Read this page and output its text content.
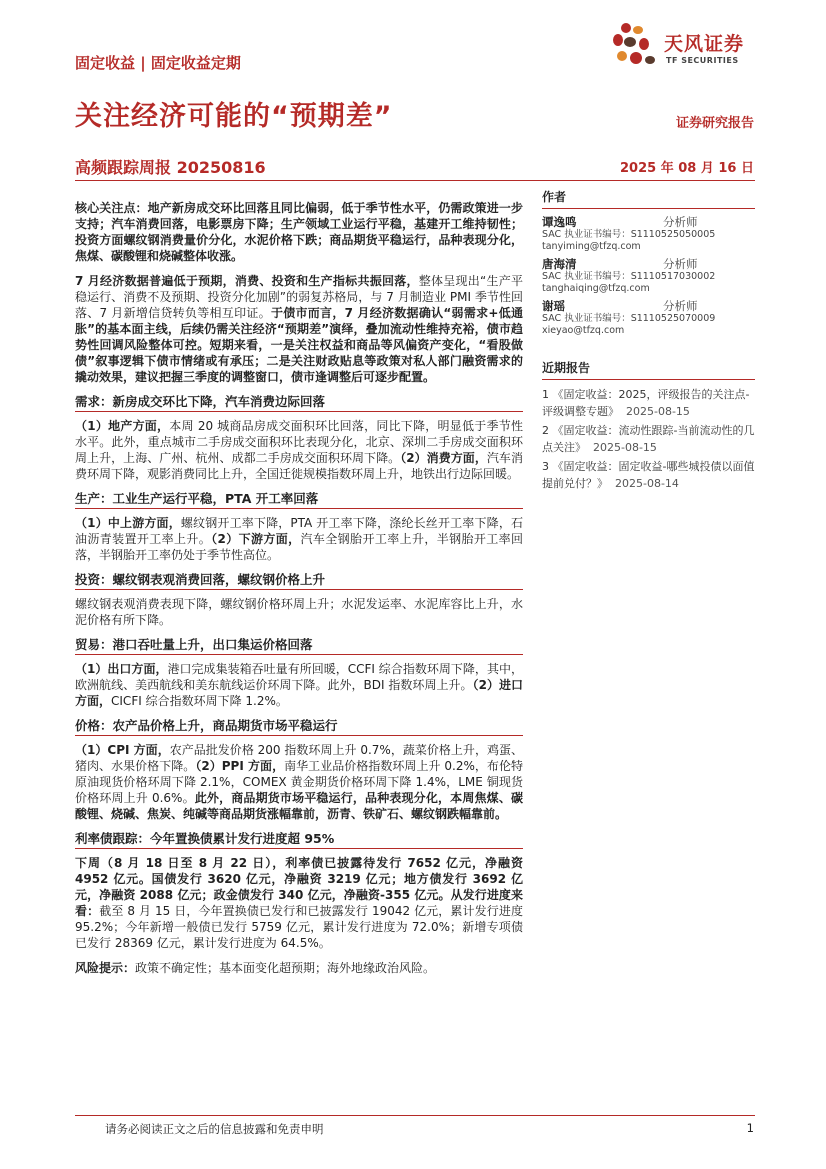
固定收益 | 固定收益定期
天风证券
TF SECURITIES
关注经济可能的“预期差”	证券研究报告
高频跟踪周报 20250816	2025 年 08 月 16 日

核心关注点：地产新房成交环比回落且同比偏弱，低于季节性水平，仍需政策进一步支持；汽车消费回落，电影票房下降；生产领域工业运行平稳，基建开工维持韧性；投资方面螺纹钢消费量价分化，水泥价格下跌；商品期货平稳运行，品种表现分化，焦煤、碳酸锂和烧碱整体收涨。

7 月经济数据普遍低于预期，消费、投资和生产指标共振回落，整体呈现出“生产平稳运行、消费不及预期、投资分化加剧”的弱复苏格局，与 7 月制造业 PMI 季节性回落、7 月新增信贷转负等相互印证。于债市而言，7 月经济数据确认“弱需求+低通胀”的基本面主线，后续仍需关注经济“预期差”演绎，叠加流动性维持充裕，债市趋势性回调风险整体可控。短期来看，一是关注权益和商品等风偏资产变化，“看股做债”叙事逻辑下债市情绪或有承压；二是关注财政贴息等政策对私人部门融资需求的撬动效果，建议把握三季度的调整窗口，债市逢调整后可逐步配置。

需求：新房成交环比下降，汽车消费边际回落

（1）地产方面，本周 20 城商品房成交面积环比回落，同比下降，明显低于季节性水平。此外，重点城市二手房成交面积环比表现分化，北京、深圳二手房成交面积环周上升，上海、广州、杭州、成都二手房成交面积环周下降。（2）消费方面，汽车消费环周下降，观影消费同比上升，全国迁徙规模指数环周上升，地铁出行边际回暖。

生产：工业生产运行平稳，PTA 开工率回落

（1）中上游方面，螺纹钢开工率下降，PTA 开工率下降，涤纶长丝开工率下降，石油沥青装置开工率上升。（2）下游方面，汽车全钢胎开工率上升，半钢胎开工率回落，半钢胎开工率仍处于季节性高位。

投资：螺纹钢表观消费回落，螺纹钢价格上升

螺纹钢表观消费表现下降，螺纹钢价格环周上升；水泥发运率、水泥库容比上升，水泥价格有所下降。

贸易：港口吞吐量上升，出口集运价格回落

（1）出口方面，港口完成集装箱吞吐量有所回暖，CCFI 综合指数环周下降，其中，欧洲航线、美西航线和美东航线运价环周下降。此外，BDI 指数环周上升。（2）进口方面，CICFI 综合指数环周下降 1.2%。

价格：农产品价格上升，商品期货市场平稳运行

（1）CPI 方面，农产品批发价格 200 指数环周上升 0.7%，蔬菜价格上升，鸡蛋、猪肉、水果价格下降。（2）PPI 方面，南华工业品价格指数环周上升 0.2%，布伦特原油现货价格环周下降 2.1%，COMEX 黄金期货价格环周下降 1.4%，LME 铜现货价格环周上升 0.6%。此外，商品期货市场平稳运行，品种表现分化，本周焦煤、碳酸锂、烧碱、焦炭、纯碱等商品期货涨幅靠前，沥青、铁矿石、螺纹钢跌幅靠前。

利率债跟踪：今年置换债累计发行进度超 95%

下周（8 月 18 日至 8 月 22 日），利率债已披露待发行 7652 亿元，净融资 4952 亿元。国债发行 3620 亿元，净融资 3219 亿元；地方债发行 3692 亿元，净融资 2088 亿元；政金债发行 340 亿元，净融资-355 亿元。从发行进度来看：截至 8 月 15 日，今年置换债已发行和已披露发行 19042 亿元，累计发行进度 95.2%；今年新增一般债已发行 5759 亿元，累计发行进度为 72.0%；新增专项债已发行 28369 亿元，累计发行进度为 64.5%。

风险提示：政策不确定性；基本面变化超预期；海外地缘政治风险。

作者
谭逸鸣	分析师
SAC 执业证书编号：S1110525050005
tanyiming@tfzq.com
唐海清	分析师
SAC 执业证书编号：S1110517030002
tanghaiqing@tfzq.com
谢瑶	分析师
SAC 执业证书编号：S1110525070009
xieyao@tfzq.com
近期报告
1 《固定收益：2025，评级报告的关注点-评级调整专题》 2025-08-15
2 《固定收益：流动性跟踪-当前流动性的几点关注》 2025-08-15
3 《固定收益：固定收益-哪些城投债以面值提前兑付？》 2025-08-14
请务必阅读正文之后的信息披露和免责申明	1
